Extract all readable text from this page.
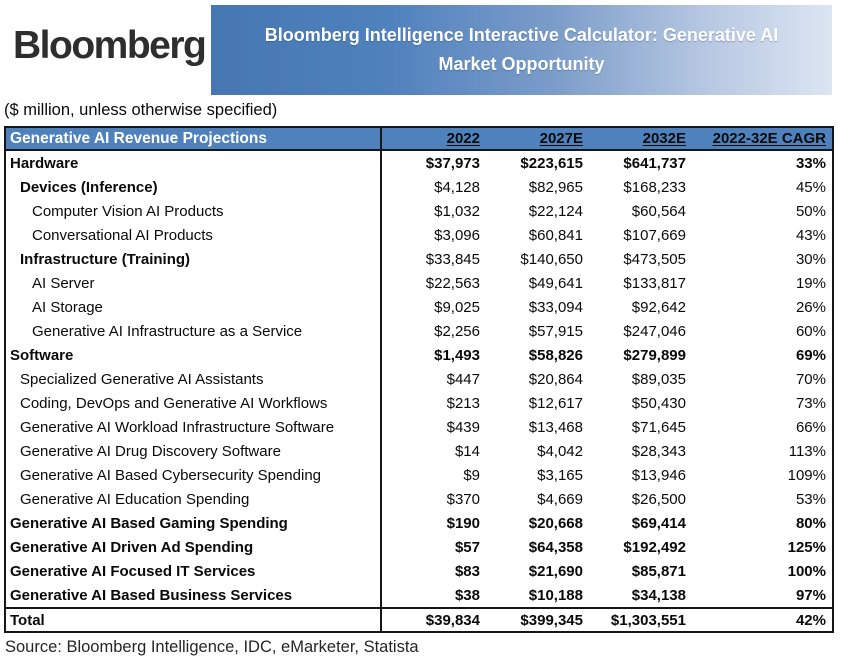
Bloomberg	Bloomberg Intelligence Interactive Calculator: Generative AI
Market Opportunity
($ million, unless otherwise specified)
Generative AI Revenue Projections	2022	2027E	2032E	2022-32E CAGR
Hardware	$37,973	$223,615	$641,737	33%
Devices (Inference)	$4,128	$82,965	$168,233	45%
Computer Vision AI Products	$1,032	$22,124	$60,564	50%
Conversational AI Products	$3,096	$60,841	$107,669	43%
Infrastructure (Training)	$33,845	$140,650	$473,505	30%
AI Server	$22,563	$49,641	$133,817	19%
AI Storage	$9,025	$33,094	$92,642	26%
Generative AI Infrastructure as a Service	$2,256	$57,915	$247,046	60%
Software	$1,493	$58,826	$279,899	69%
Specialized Generative AI Assistants	$447	$20,864	$89,035	70%
Coding, DevOps and Generative AI Workflows	$213	$12,617	$50,430	73%
Generative AI Workload Infrastructure Software	$439	$13,468	$71,645	66%
Generative AI Drug Discovery Software	$14	$4,042	$28,343	113%
Generative AI Based Cybersecurity Spending	$9	$3,165	$13,946	109%
Generative AI Education Spending	$370	$4,669	$26,500	53%
Generative AI Based Gaming Spending	$190	$20,668	$69,414	80%
Generative AI Driven Ad Spending	$57	$64,358	$192,492	125%
Generative AI Focused IT Services	$83	$21,690	$85,871	100%
Generative AI Based Business Services	$38	$10,188	$34,138	97%
Total	$39,834	$399,345	$1,303,551	42%
Source: Bloomberg Intelligence, IDC, eMarketer, Statista
